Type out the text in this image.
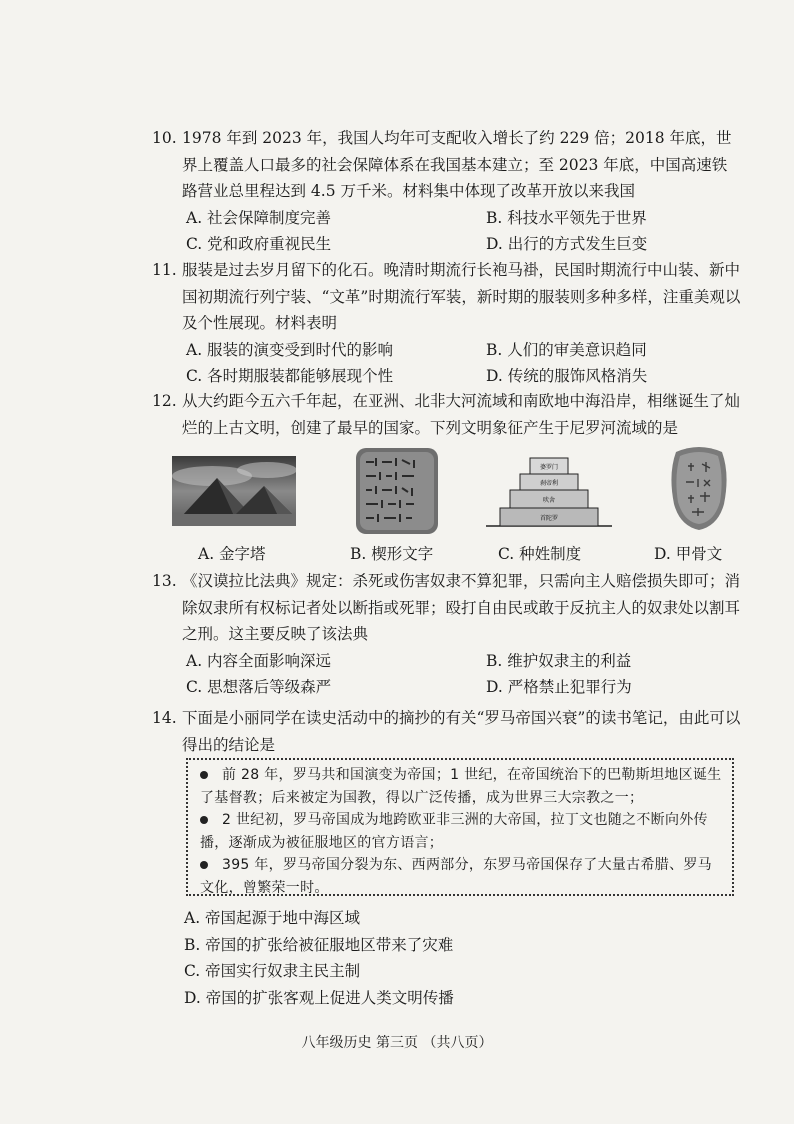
10. 1978 年到 2023 年，我国人均年可支配收入增长了约 229 倍；2018 年底，世界上覆盖人口最多的社会保障体系在我国基本建立；至 2023 年底，中国高速铁路营业总里程达到 4.5 万千米。材料集中体现了改革开放以来我国

A. 社会保障制度完善	B. 科技水平领先于世界
C. 党和政府重视民生	D. 出行的方式发生巨变

11. 服装是过去岁月留下的化石。晚清时期流行长袍马褂，民国时期流行中山装、新中国初期流行列宁装、“文革”时期流行军装，新时期的服装则多种多样，注重美观以及个性展现。材料表明

A. 服装的演变受到时代的影响	B. 人们的审美意识趋同
C. 各时期服装都能够展现个性	D. 传统的服饰风格消失

12. 从大约距今五六千年起，在亚洲、北非大河流域和南欧地中海沿岸，相继诞生了灿烂的上古文明，创建了最早的国家。下列文明象征产生于尼罗河流域的是

婆罗门
刹帝利
吠舍
首陀罗
A. 金字塔	B. 楔形文字	C. 种姓制度	D. 甲骨文

13. 《汉谟拉比法典》规定：杀死或伤害奴隶不算犯罪，只需向主人赔偿损失即可；消除奴隶所有权标记者处以断指或死罪；殴打自由民或敢于反抗主人的奴隶处以割耳之刑。这主要反映了该法典

A. 内容全面影响深远	B. 维护奴隶主的利益
C. 思想落后等级森严	D. 严格禁止犯罪行为

14. 下面是小丽同学在读史活动中的摘抄的有关“罗马帝国兴衰”的读书笔记，由此可以得出的结论是

前 28 年，罗马共和国演变为帝国；1 世纪，在帝国统治下的巴勒斯坦地区诞生了基督教；后来被定为国教，得以广泛传播，成为世界三大宗教之一；

2 世纪初，罗马帝国成为地跨欧亚非三洲的大帝国，拉丁文也随之不断向外传播，逐渐成为被征服地区的官方语言；

395 年，罗马帝国分裂为东、西两部分，东罗马帝国保存了大量古希腊、罗马文化，曾繁荣一时。

A. 帝国起源于地中海区域
B. 帝国的扩张给被征服地区带来了灾难
C. 帝国实行奴隶主民主制
D. 帝国的扩张客观上促进人类文明传播
八年级历史 第三页 （共八页）
